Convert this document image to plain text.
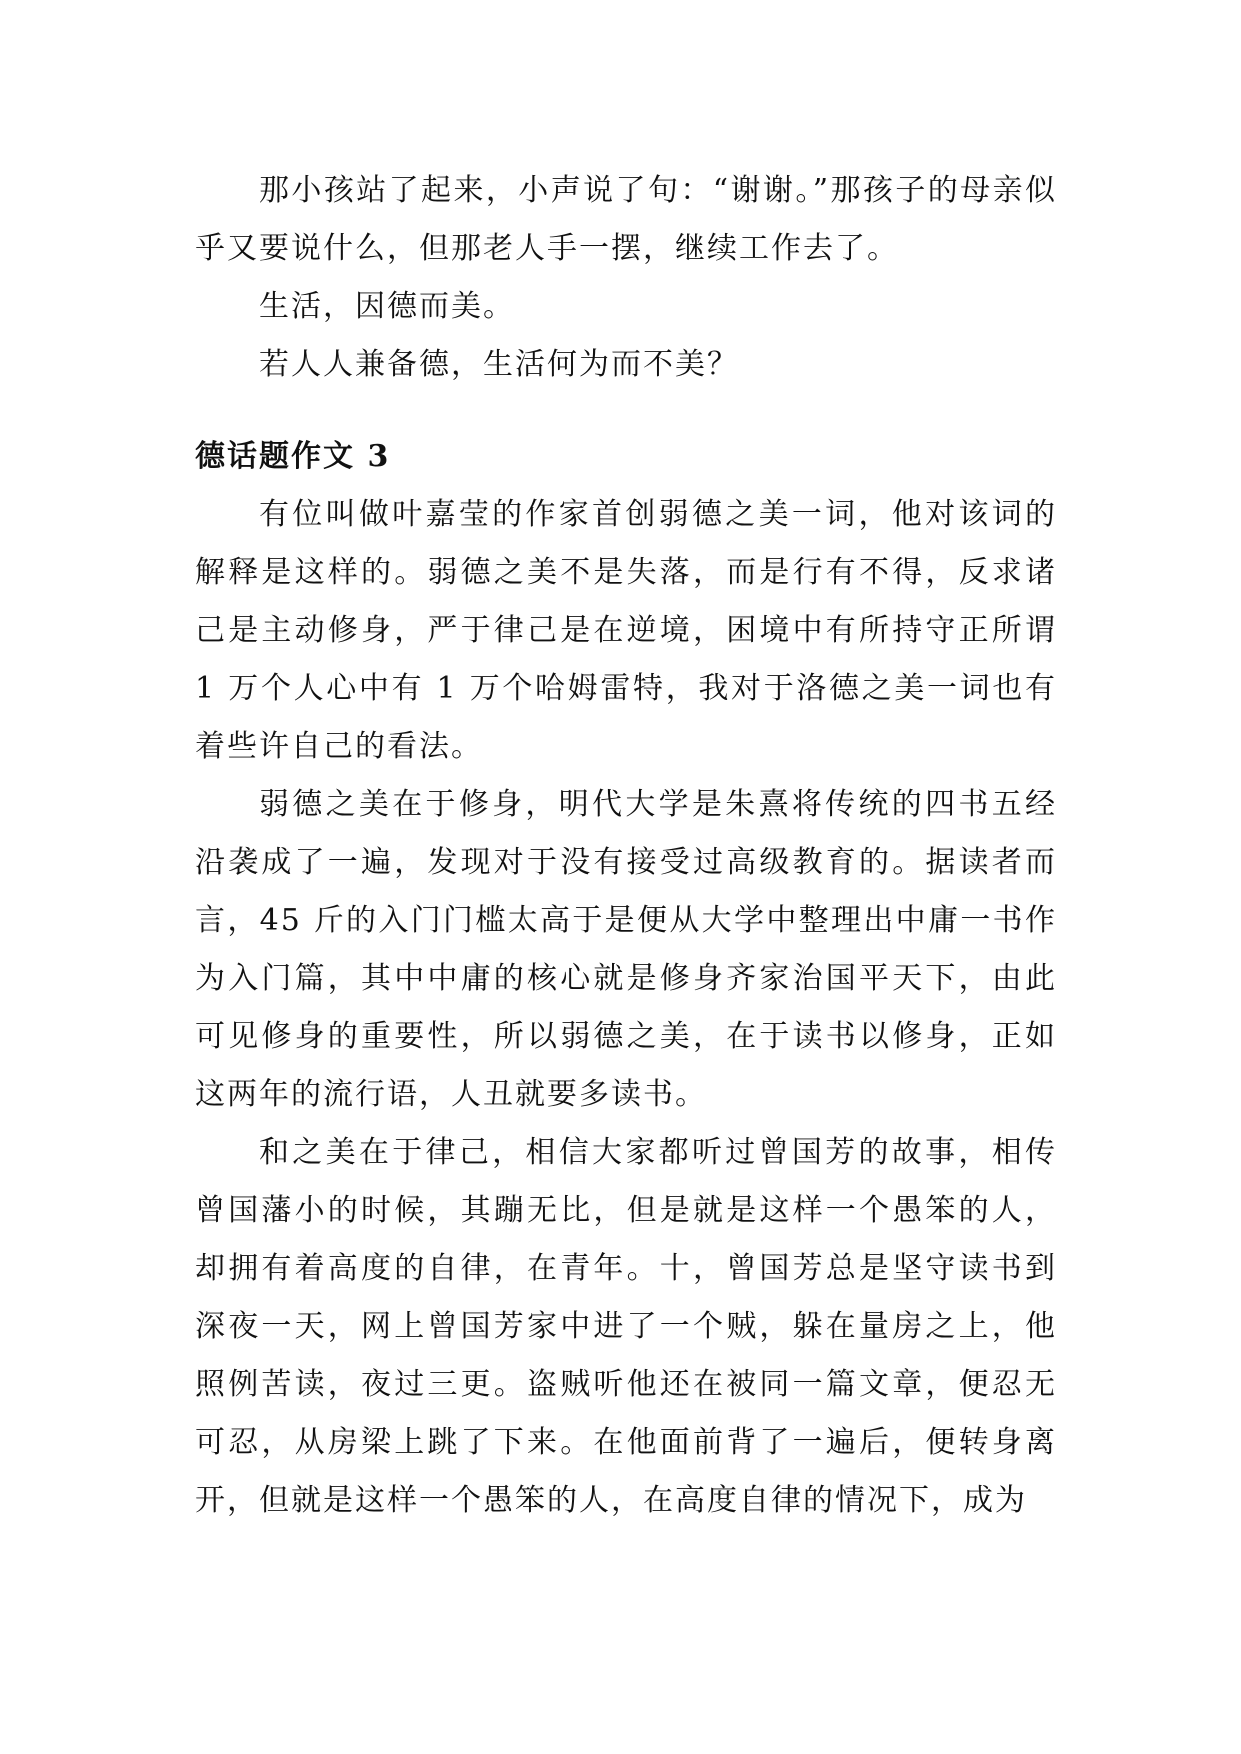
那小孩站了起来，小声说了句：“谢谢。”那孩子的母亲似乎又要说什么，但那老人手一摆，继续工作去了。

生活，因德而美。

若人人兼备德，生活何为而不美？

德话题作文 3

有位叫做叶嘉莹的作家首创弱德之美一词，他对该词的解释是这样的。弱德之美不是失落，而是行有不得，反求诸己是主动修身，严于律己是在逆境，困境中有所持守正所谓 1 万个人心中有 1 万个哈姆雷特，我对于洛德之美一词也有着些许自己的看法。

弱德之美在于修身，明代大学是朱熹将传统的四书五经沿袭成了一遍，发现对于没有接受过高级教育的。据读者而言，45 斤的入门门槛太高于是便从大学中整理出中庸一书作为入门篇，其中中庸的核心就是修身齐家治国平天下，由此可见修身的重要性，所以弱德之美，在于读书以修身，正如这两年的流行语，人丑就要多读书。

和之美在于律己，相信大家都听过曾国芳的故事，相传曾国藩小的时候，其蹦无比，但是就是这样一个愚笨的人，却拥有着高度的自律，在青年。十，曾国芳总是坚守读书到深夜一天，网上曾国芳家中进了一个贼，躲在量房之上，他照例苦读，夜过三更。盗贼听他还在被同一篇文章，便忍无可忍，从房梁上跳了下来。在他面前背了一遍后，便转身离开，但就是这样一个愚笨的人，在高度自律的情况下，成为
